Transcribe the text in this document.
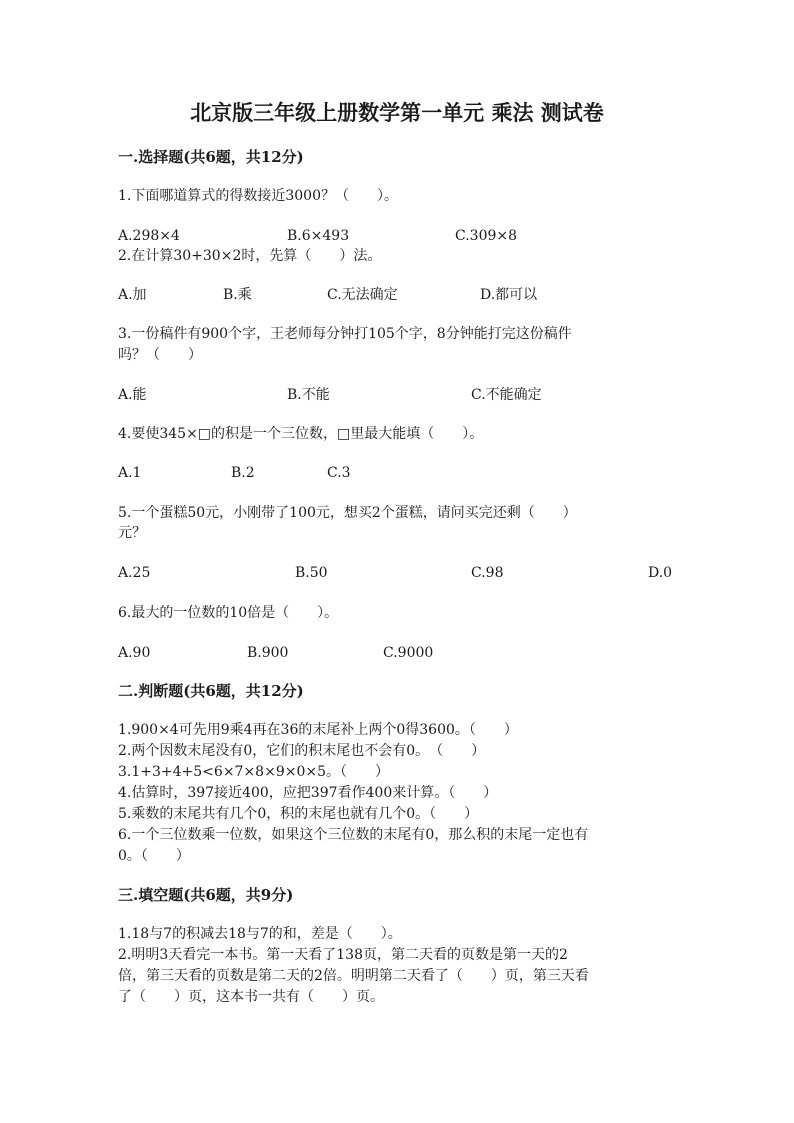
北京版三年级上册数学第一单元 乘法 测试卷
一.选择题(共6题，共12分)
1.下面哪道算式的得数接近3000？（　　）。
A.298×4	B.6×493	C.309×8
2.在计算30+30×2时，先算（　　）法。
A.加	B.乘	C.无法确定	D.都可以
3.一份稿件有900个字，王老师每分钟打105个字，8分钟能打完这份稿件
吗？（　　）
A.能	B.不能	C.不能确定
4.要使345×□的积是一个三位数，□里最大能填（　　）。
A.1	B.2	C.3
5.一个蛋糕50元，小刚带了100元，想买2个蛋糕，请问买完还剩（　　）
元？
A.25	B.50	C.98	D.0
6.最大的一位数的10倍是（　　）。
A.90	B.900	C.9000
二.判断题(共6题，共12分)
1.900×4可先用9乘4再在36的末尾补上两个0得3600。（　　）
2.两个因数末尾没有0，它们的积末尾也不会有0。　（　　）
3.1+3+4+5<6×7×8×9×0×5。（　　）
4.估算时，397接近400，应把397看作400来计算。（　　）
5.乘数的末尾共有几个0，积的末尾也就有几个0。（　　）
6.一个三位数乘一位数，如果这个三位数的末尾有0，那么积的末尾一定也有
0。（　　）
三.填空题(共6题，共9分)
1.18与7的积减去18与7的和，差是（　　）。
2.明明3天看完一本书。第一天看了138页，第二天看的页数是第一天的2
倍，第三天看的页数是第二天的2倍。明明第二天看了（　　）页，第三天看
了（　　）页，这本书一共有（　　）页。
